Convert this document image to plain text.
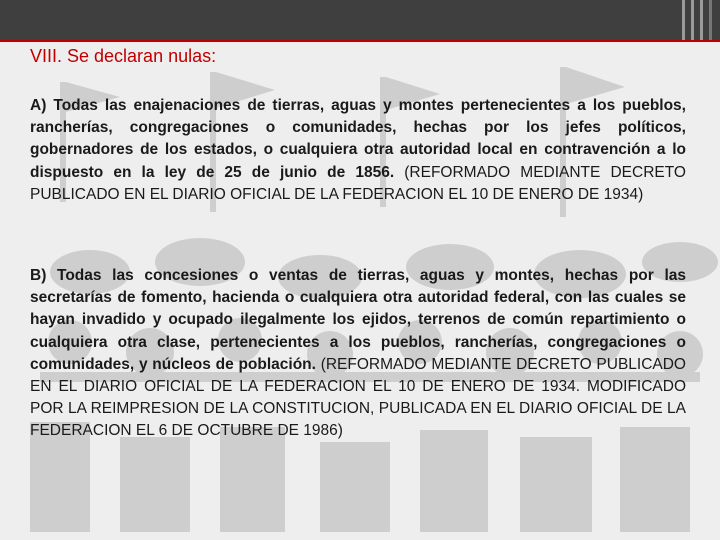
VIII. Se declaran nulas:

A) Todas las enajenaciones de tierras, aguas y montes pertenecientes a los pueblos, rancherías, congregaciones o comunidades, hechas por los jefes políticos, gobernadores de los estados, o cualquiera otra autoridad local en contravención a lo dispuesto en la ley de 25 de junio de 1856. (REFORMADO MEDIANTE DECRETO PUBLICADO EN EL DIARIO OFICIAL DE LA FEDERACION EL 10 DE ENERO DE 1934)

B) Todas las concesiones o ventas de tierras, aguas y montes, hechas por las secretarías de fomento, hacienda o cualquiera otra autoridad federal, con las cuales se hayan invadido y ocupado ilegalmente los ejidos, terrenos de común repartimiento o cualquiera otra clase, pertenecientes a los pueblos, rancherías, congregaciones o comunidades, y núcleos de población. (REFORMADO MEDIANTE DECRETO PUBLICADO EN EL DIARIO OFICIAL DE LA FEDERACION EL 10 DE ENERO DE 1934. MODIFICADO POR LA REIMPRESION DE LA CONSTITUCION, PUBLICADA EN EL DIARIO OFICIAL DE LA FEDERACION EL 6 DE OCTUBRE DE 1986)
